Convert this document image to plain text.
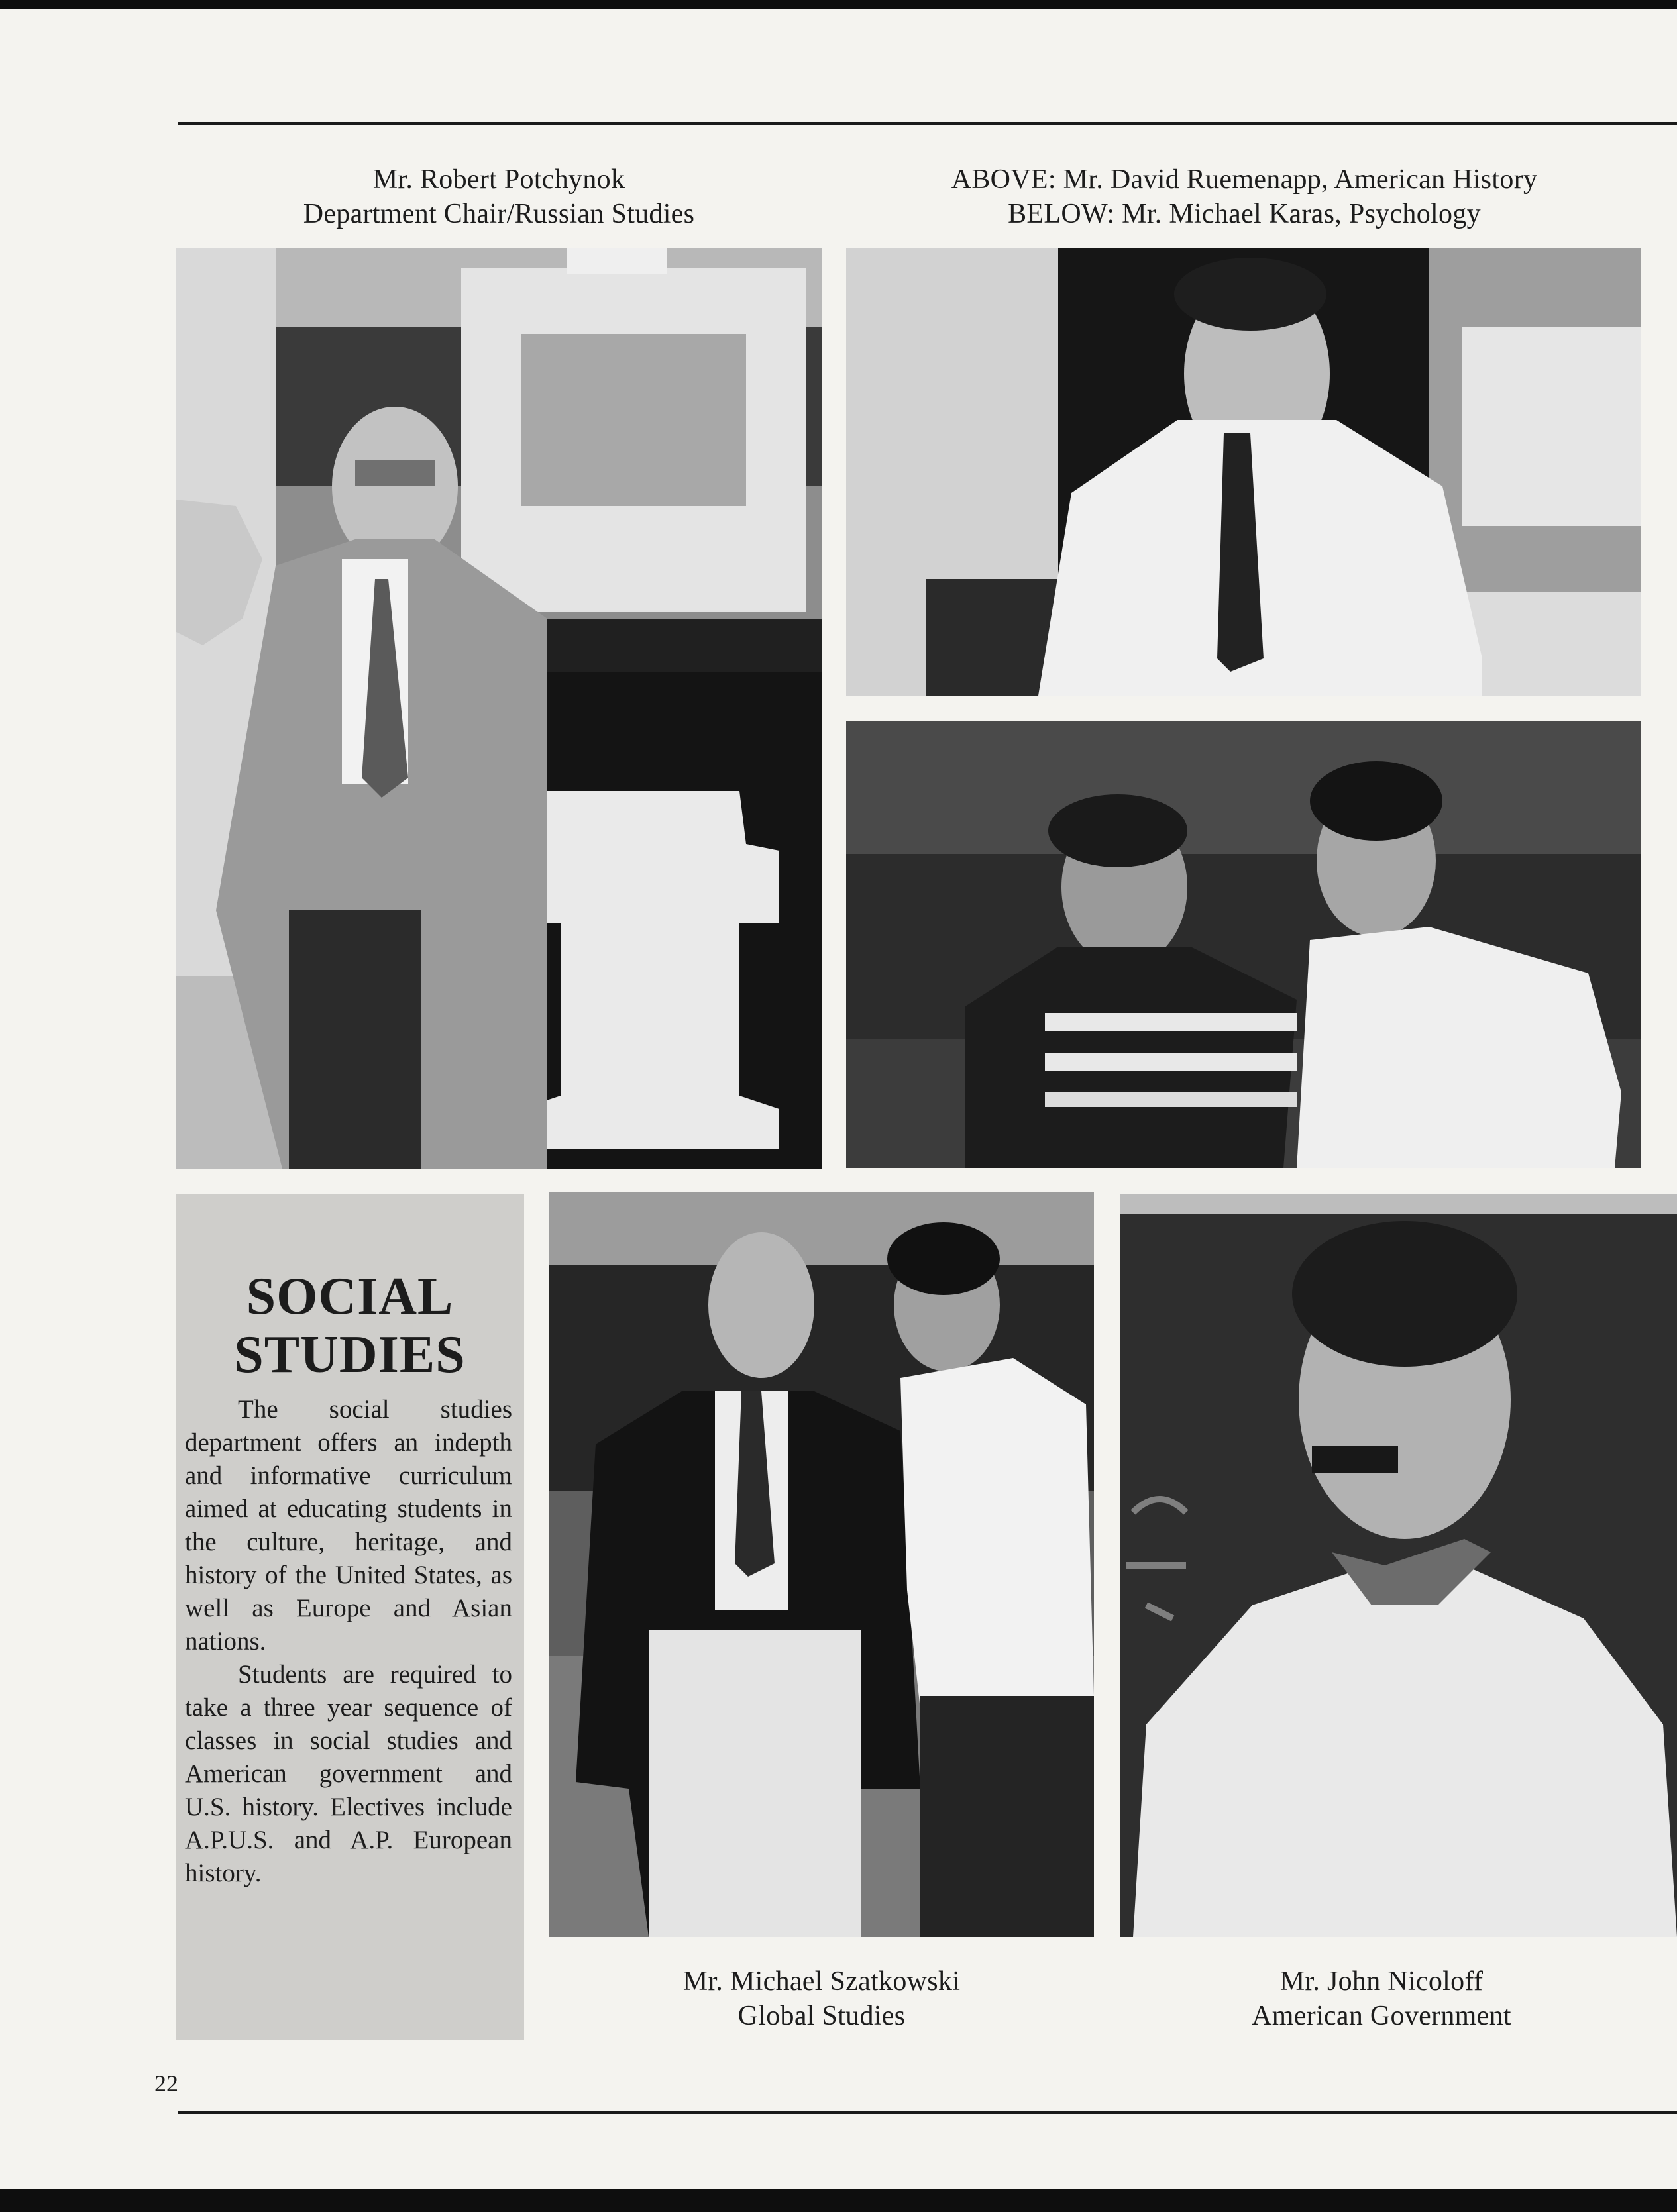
Mr. Robert Potchynok
Department Chair/Russian Studies
ABOVE: Mr. David Ruemenapp, American History
BELOW: Mr. Michael Karas, Psychology
SOCIAL
STUDIES

The social studies department offers an indepth and informative curriculum aimed at educating students in the culture, heritage, and history of the United States, as well as Europe and Asian nations.

Students are required to take a three year sequence of classes in social studies and American government and U.S. history. Electives include A.P.U.S. and A.P. European history.

Mr. Michael Szatkowski
Global Studies
Mr. John Nicoloff
American Government
22
